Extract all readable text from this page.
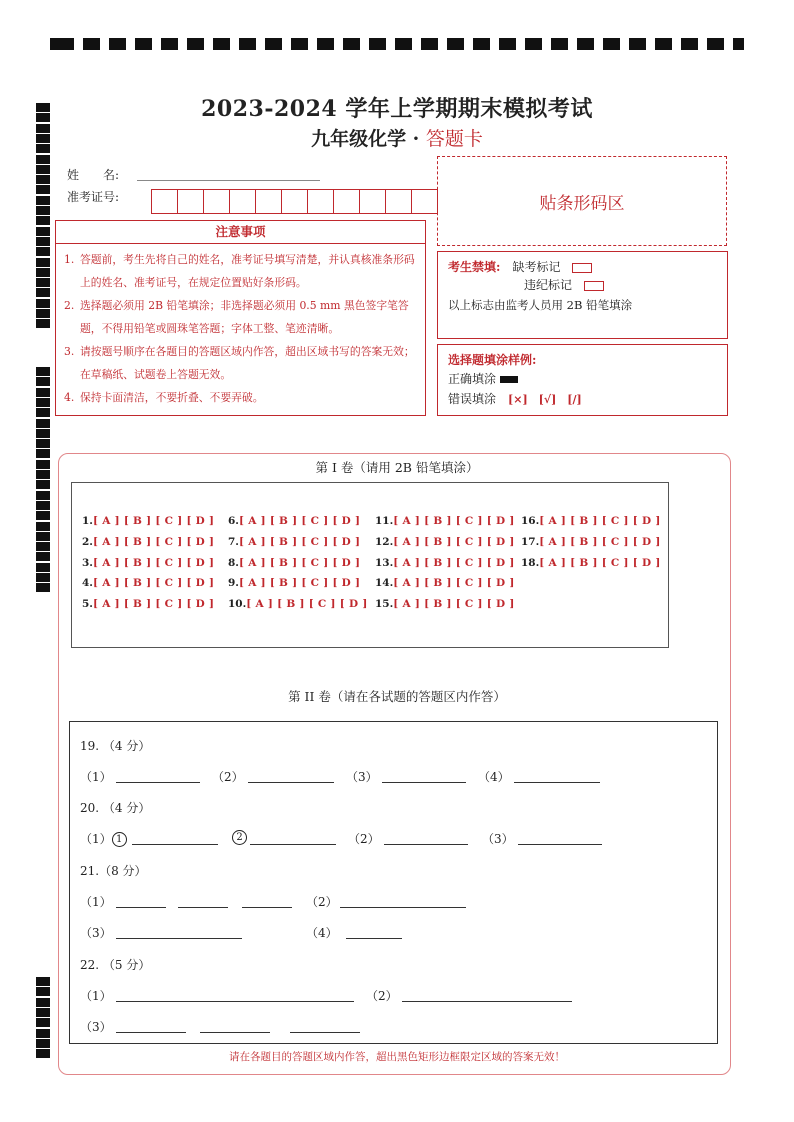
2023-2024 学年上学期期末模拟考试
九年级化学 · 答题卡
姓　　名:
准考证号:	贴条形码区
注意事项
1. 答题前，考生先将自己的姓名，准考证号填写清楚，并认真核准条形码上的姓名、准考证号，在规定位置贴好条形码。
2. 选择题必须用 2B 铅笔填涂；非选择题必须用 0.5 mm 黑色签字笔答题，不得用铅笔或圆珠笔答题；字体工整、笔迹清晰。
3. 请按题号顺序在各题目的答题区域内作答，超出区域书写的答案无效；在草稿纸、试题卷上答题无效。
4. 保持卡面清洁，不要折叠、不要弄破。
考生禁填:　 缺考标记
违纪标记
以上标志由监考人员用 2B 铅笔填涂
选择题填涂样例:
正确填涂
错误填涂　 [×]　[√]　[/]
第 I 卷（请用 2B 铅笔填涂）
1.[ A ] [ B ] [ C ] [ D ]
2.[ A ] [ B ] [ C ] [ D ]
3.[ A ] [ B ] [ C ] [ D ]
4.[ A ] [ B ] [ C ] [ D ]
5.[ A ] [ B ] [ C ] [ D ]
6.[ A ] [ B ] [ C ] [ D ]
7.[ A ] [ B ] [ C ] [ D ]
8.[ A ] [ B ] [ C ] [ D ]
9.[ A ] [ B ] [ C ] [ D ]
10.[ A ] [ B ] [ C ] [ D ]
11.[ A ] [ B ] [ C ] [ D ]
12.[ A ] [ B ] [ C ] [ D ]
13.[ A ] [ B ] [ C ] [ D ]
14.[ A ] [ B ] [ C ] [ D ]
15.[ A ] [ B ] [ C ] [ D ]
16.[ A ] [ B ] [ C ] [ D ]
17.[ A ] [ B ] [ C ] [ D ]
18.[ A ] [ B ] [ C ] [ D ]
第 II 卷（请在各试题的答题区内作答）
19. （4 分）
（1）	（2）	（3）	（4）
20. （4 分）
（1） 1	2	（2）	（3）
21.（8 分）
（1）	（2）
（3）	（4）
22. （5 分）
（1）	（2）
（3）
请在各题目的答题区域内作答，超出黑色矩形边框限定区域的答案无效！
